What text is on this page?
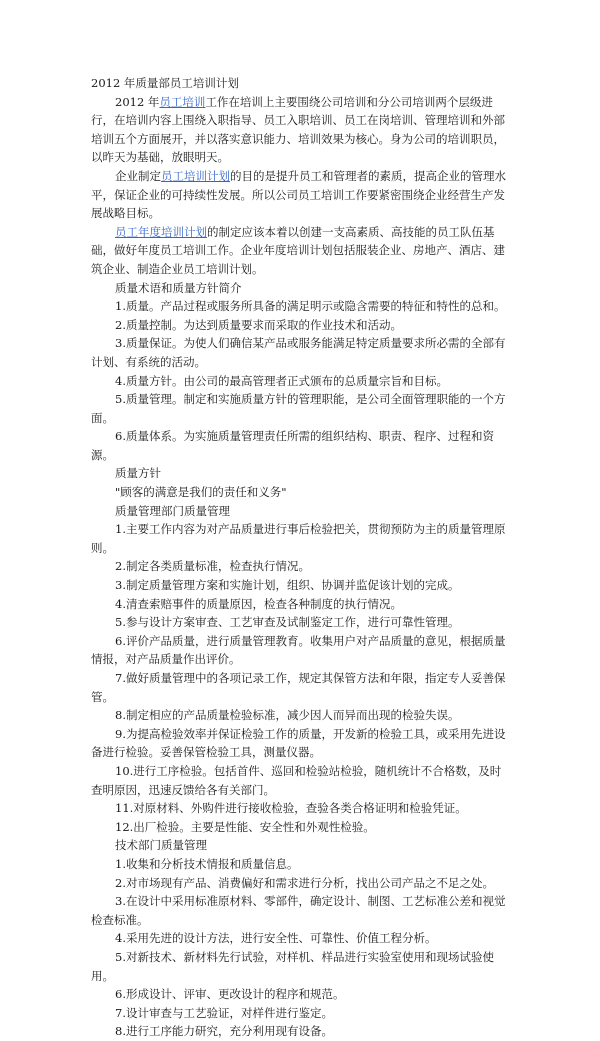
2012 年质量部员工培训计划

2012 年员工培训工作在培训上主要围绕公司培训和分公司培训两个层级进行，在培训内容上围绕入职指导、员工入职培训、员工在岗培训、管理培训和外部培训五个方面展开，并以落实意识能力、培训效果为核心。身为公司的培训职员，以昨天为基础，放眼明天。

企业制定员工培训计划的目的是提升员工和管理者的素质，提高企业的管理水平，保证企业的可持续性发展。所以公司员工培训工作要紧密围绕企业经营生产发展战略目标。

员工年度培训计划的制定应该本着以创建一支高素质、高技能的员工队伍基础，做好年度员工培训工作。企业年度培训计划包括服装企业、房地产、酒店、建筑企业、制造企业员工培训计划。

质量术语和质量方针简介

1.质量。产品过程或服务所具备的满足明示或隐含需要的特征和特性的总和。

2.质量控制。为达到质量要求而采取的作业技术和活动。

3.质量保证。为使人们确信某产品或服务能满足特定质量要求所必需的全部有计划、有系统的活动。

4.质量方针。由公司的最高管理者正式颁布的总质量宗旨和目标。

5.质量管理。制定和实施质量方针的管理职能，是公司全面管理职能的一个方面。

6.质量体系。为实施质量管理责任所需的组织结构、职责、程序、过程和资源。

质量方针

"顾客的满意是我们的责任和义务"

质量管理部门质量管理

1.主要工作内容为对产品质量进行事后检验把关，贯彻预防为主的质量管理原则。

2.制定各类质量标准，检查执行情况。

3.制定质量管理方案和实施计划，组织、协调并监促该计划的完成。

4.清查索赔事件的质量原因，检查各种制度的执行情况。

5.参与设计方案审查、工艺审查及试制鉴定工作，进行可靠性管理。

6.评价产品质量，进行质量管理教育。收集用户对产品质量的意见，根据质量情报，对产品质量作出评价。

7.做好质量管理中的各项记录工作，规定其保管方法和年限，指定专人妥善保管。

8.制定相应的产品质量检验标准，减少因人而异而出现的检验失误。

9.为提高检验效率并保证检验工作的质量，开发新的检验工具，或采用先进设备进行检验。妥善保管检验工具，测量仪器。

10.进行工序检验。包括首件、巡回和检验站检验，随机统计不合格数，及时查明原因，迅速反馈给各有关部门。

11.对原材料、外购件进行接收检验，查验各类合格证明和检验凭证。

12.出厂检验。主要是性能、安全性和外观性检验。

技术部门质量管理

1.收集和分析技术情报和质量信息。

2.对市场现有产品、消费偏好和需求进行分析，找出公司产品之不足之处。

3.在设计中采用标准原材料、零部件，确定设计、制图、工艺标准公差和视觉检查标准。

4.采用先进的设计方法，进行安全性、可靠性、价值工程分析。

5.对新技术、新材料先行试验，对样机、样品进行实验室使用和现场试验使用。

6.形成设计、评审、更改设计的程序和规范。

7.设计审查与工艺验证，对样件进行鉴定。

8.进行工序能力研究，充分利用现有设备。
